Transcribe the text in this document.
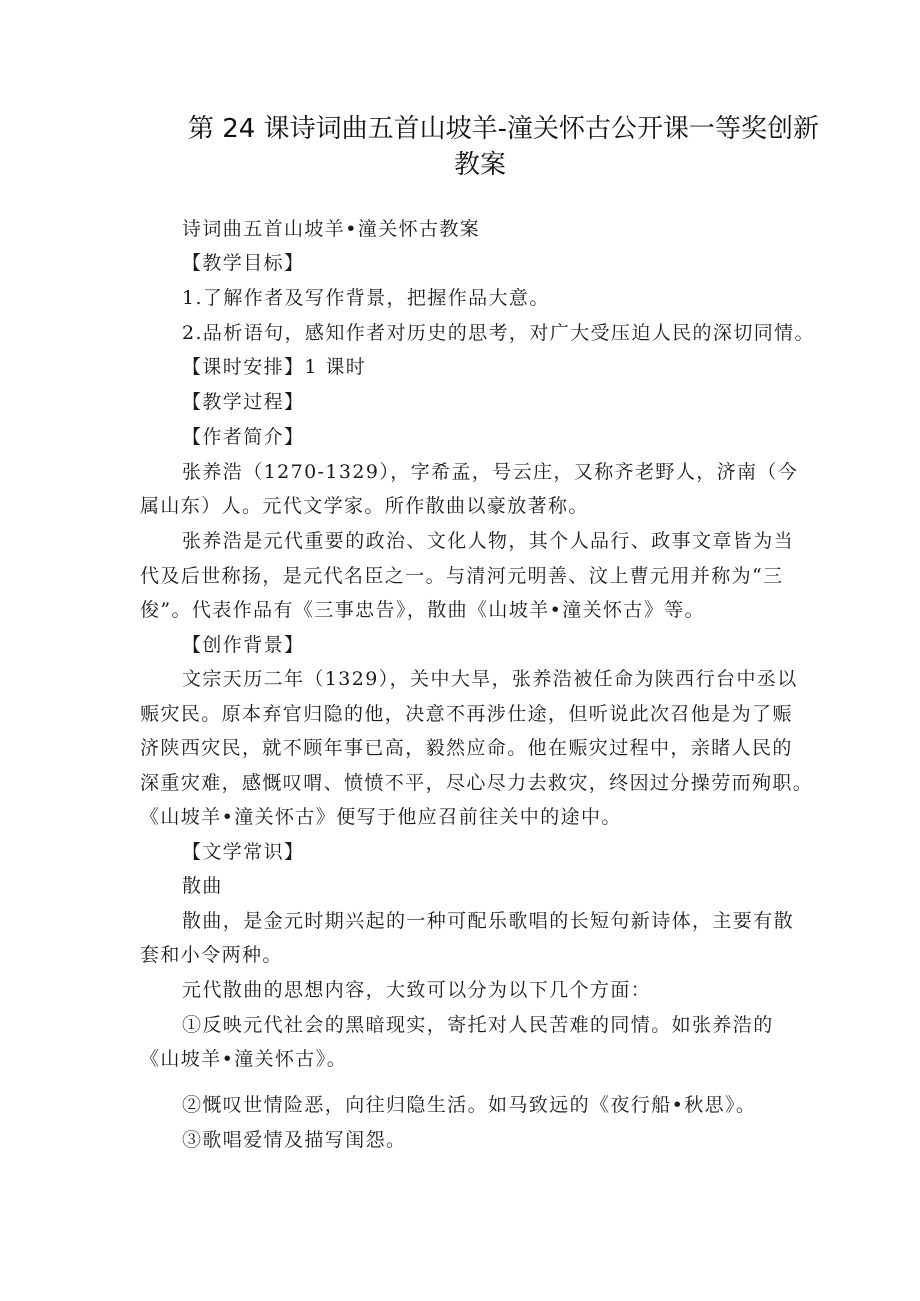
第 24 课诗词曲五首山坡羊-潼关怀古公开课一等奖创新
教案

诗词曲五首山坡羊•潼关怀古教案

【教学目标】

1.了解作者及写作背景，把握作品大意。

2.品析语句，感知作者对历史的思考，对广大受压迫人民的深切同情。

【课时安排】1 课时

【教学过程】

【作者简介】

张养浩（1270-1329），字希孟，号云庄，又称齐老野人，济南（今

属山东）人。元代文学家。所作散曲以豪放著称。

张养浩是元代重要的政治、文化人物，其个人品行、政事文章皆为当

代及后世称扬，是元代名臣之一。与清河元明善、汶上曹元用并称为“三

俊”。代表作品有《三事忠告》，散曲《山坡羊•潼关怀古》等。

【创作背景】

文宗天历二年（1329），关中大旱，张养浩被任命为陕西行台中丞以

赈灾民。原本弃官归隐的他，决意不再涉仕途，但听说此次召他是为了赈

济陕西灾民，就不顾年事已高，毅然应命。他在赈灾过程中，亲睹人民的

深重灾难，感慨叹喟、愤愤不平，尽心尽力去救灾，终因过分操劳而殉职。

《山坡羊•潼关怀古》便写于他应召前往关中的途中。

【文学常识】

散曲

散曲，是金元时期兴起的一种可配乐歌唱的长短句新诗体，主要有散

套和小令两种。

元代散曲的思想内容，大致可以分为以下几个方面：

①反映元代社会的黑暗现实，寄托对人民苦难的同情。如张养浩的

《山坡羊•潼关怀古》。

②慨叹世情险恶，向往归隐生活。如马致远的《夜行船•秋思》。

③歌唱爱情及描写闺怨。
